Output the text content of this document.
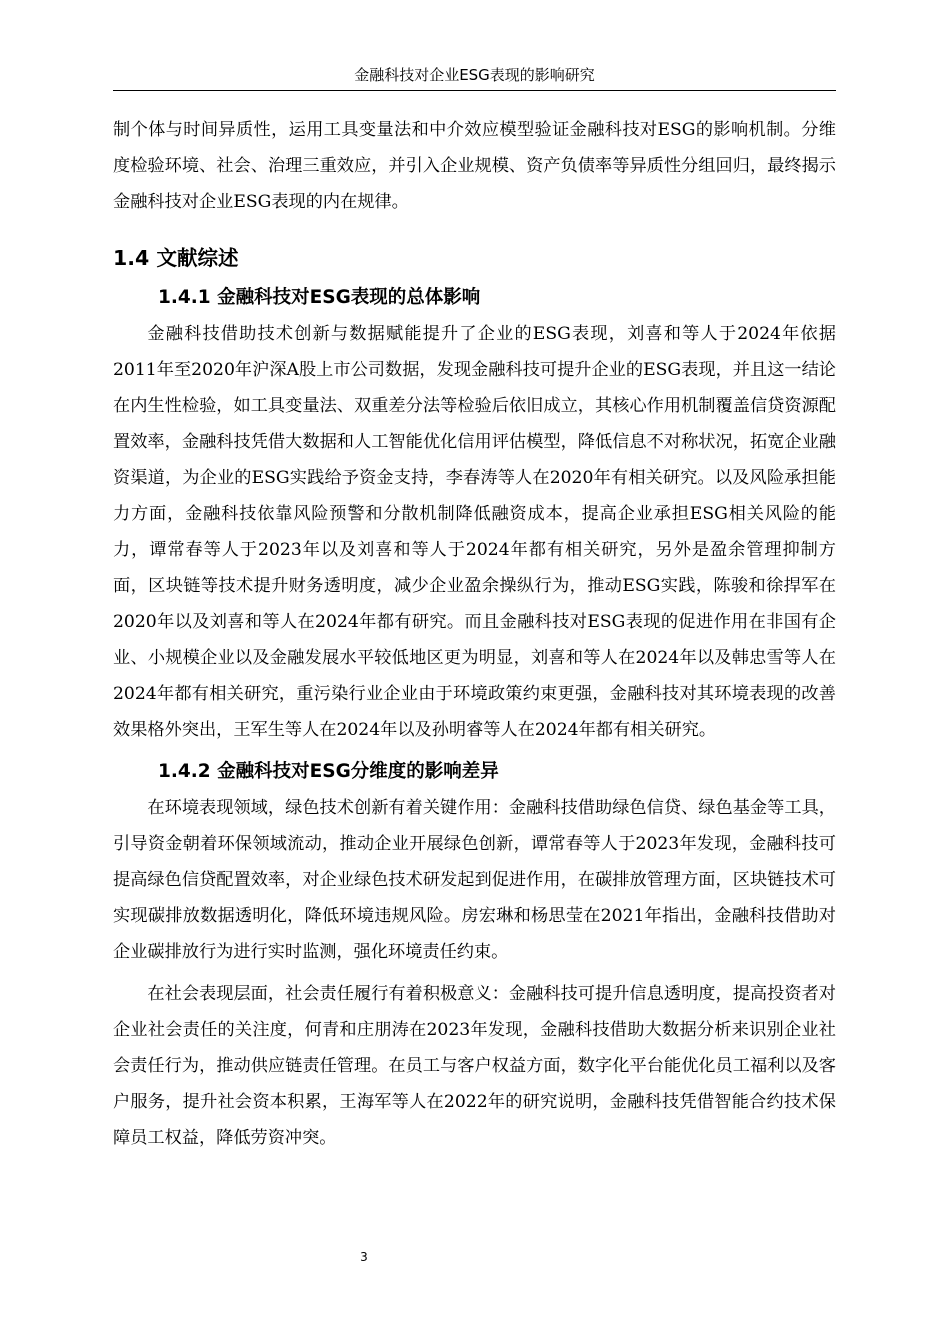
金融科技对企业ESG表现的影响研究

制个体与时间异质性，运用工具变量法和中介效应模型验证金融科技对ESG的影响机制。分维度检验环境、社会、治理三重效应，并引入企业规模、资产负债率等异质性分组回归，最终揭示金融科技对企业ESG表现的内在规律。

1.4 文献综述
1.4.1 金融科技对ESG表现的总体影响

金融科技借助技术创新与数据赋能提升了企业的ESG表现，刘喜和等人于2024年依据2011年至2020年沪深A股上市公司数据，发现金融科技可提升企业的ESG表现，并且这一结论在内生性检验，如工具变量法、双重差分法等检验后依旧成立，其核心作用机制覆盖信贷资源配置效率，金融科技凭借大数据和人工智能优化信用评估模型，降低信息不对称状况，拓宽企业融资渠道，为企业的ESG实践给予资金支持，李春涛等人在2020年有相关研究。以及风险承担能力方面，金融科技依靠风险预警和分散机制降低融资成本，提高企业承担ESG相关风险的能力，谭常春等人于2023年以及刘喜和等人于2024年都有相关研究，另外是盈余管理抑制方面，区块链等技术提升财务透明度，减少企业盈余操纵行为，推动ESG实践，陈骏和徐捍军在2020年以及刘喜和等人在2024年都有研究。而且金融科技对ESG表现的促进作用在非国有企业、小规模企业以及金融发展水平较低地区更为明显，刘喜和等人在2024年以及韩忠雪等人在2024年都有相关研究，重污染行业企业由于环境政策约束更强，金融科技对其环境表现的改善效果格外突出，王军生等人在2024年以及孙明睿等人在2024年都有相关研究。

1.4.2 金融科技对ESG分维度的影响差异

在环境表现领域，绿色技术创新有着关键作用：金融科技借助绿色信贷、绿色基金等工具，引导资金朝着环保领域流动，推动企业开展绿色创新，谭常春等人于2023年发现，金融科技可提高绿色信贷配置效率，对企业绿色技术研发起到促进作用，在碳排放管理方面，区块链技术可实现碳排放数据透明化，降低环境违规风险。房宏琳和杨思莹在2021年指出，金融科技借助对企业碳排放行为进行实时监测，强化环境责任约束。

在社会表现层面，社会责任履行有着积极意义：金融科技可提升信息透明度，提高投资者对企业社会责任的关注度，何青和庄朋涛在2023年发现，金融科技借助大数据分析来识别企业社会责任行为，推动供应链责任管理。在员工与客户权益方面，数字化平台能优化员工福利以及客户服务，提升社会资本积累，王海军等人在2022年的研究说明，金融科技凭借智能合约技术保障员工权益，降低劳资冲突。

3
